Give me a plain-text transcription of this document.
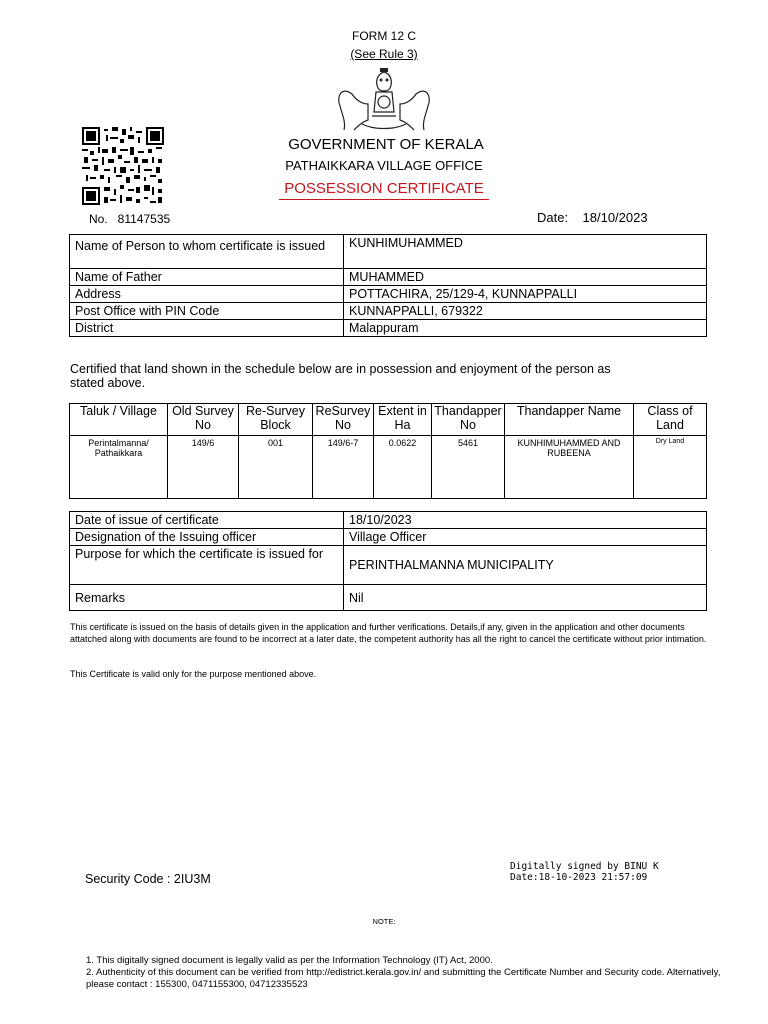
FORM 12 C
(See Rule 3)
GOVERNMENT OF KERALA
PATHAIKKARA VILLAGE OFFICE
POSSESSION CERTIFICATE
No.   81147535	Date:    18/10/2023
Name of Person to whom certificate is issued	KUNHIMUHAMMED
Name of Father	MUHAMMED
Address	POTTACHIRA, 25/129-4, KUNNAPPALLI
Post Office with PIN Code	KUNNAPPALLI, 679322
District	Malappuram
Certified that land shown in the schedule below are in possession and enjoyment of the person as stated above.
Taluk / Village	Old Survey No	Re-Survey Block	ReSurvey No	Extent in Ha	Thandapper No	Thandapper Name	Class of Land
Perintalmanna/ Pathaikkara	149/6	001	149/6-7	0.0622	5461	KUNHIMUHAMMED AND RUBEENA	Dry Land
Date of issue of certificate	18/10/2023
Designation of the Issuing officer	Village Officer
Purpose for which the certificate is issued for	PERINTHALMANNA MUNICIPALITY
Remarks	Nil
This certificate is issued on the basis of details given in the application and further verifications. Details,if any, given in the application and other documents attatched along with documents are found to be incorrect at a later date, the competent authority has all the right to cancel the certificate without prior intimation.
This Certificate is valid only for the purpose mentioned above.
Security Code : 2IU3M
Digitally signed by BINU K
Date:18-10-2023 21:57:09
NOTE:
1. This digitally signed document is legally valid as per the Information Technology (IT) Act, 2000.
2. Authenticity of this document can be verified from http://edistrict.kerala.gov.in/ and submitting the Certificate Number and Security code. Alternatively, please contact : 155300, 0471155300, 04712335523
